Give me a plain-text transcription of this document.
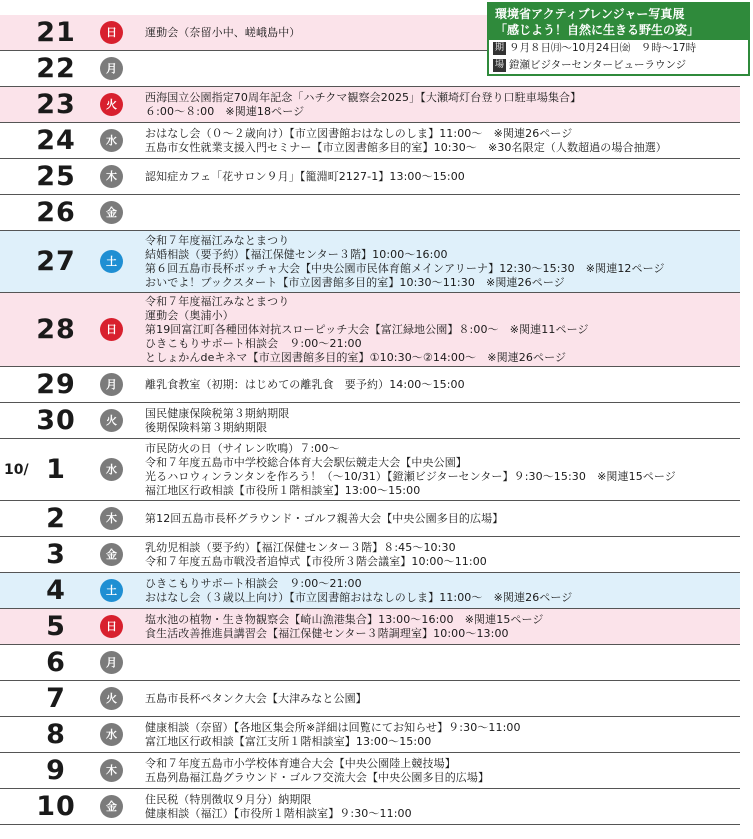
21	日	運動会（奈留小中、嵯峨島中）
22	月
23	火
西海国立公園指定70周年記念「ハチクマ観察会2025」【大瀬埼灯台登り口駐車場集合】
６:00〜８:00　※関連18ページ
24	水
おはなし会（０〜２歳向け）【市立図書館おはなしのしま】11:00〜　※関連26ページ
五島市女性就業支援入門セミナー【市立図書館多目的室】10:30〜　※30名限定（人数超過の場合抽選）
25	木	認知症カフェ「花サロン９月」【籠淵町2127-1】13:00〜15:00
26	金
27	土
令和７年度福江みなとまつり
結婚相談（要予約）【福江保健センター３階】10:00〜16:00
第６回五島市長杯ボッチャ大会【中央公園市民体育館メインアリーナ】12:30〜15:30　※関連12ページ
おいでよ！ブックスタート【市立図書館多目的室】10:30〜11:30　※関連26ページ
28	日
令和７年度福江みなとまつり
運動会（奥浦小）
第19回富江町各種団体対抗スローピッチ大会【富江緑地公園】８:00〜　※関連11ページ
ひきこもりサポート相談会　９:00〜21:00
としょかんdeキネマ【市立図書館多目的室】①10:30〜②14:00〜　※関連26ページ
29	月	離乳食教室（初期：はじめての離乳食　要予約）14:00〜15:00
30	火
国民健康保険税第３期納期限
後期保険料第３期納期限
10/ 1	水
市民防火の日（サイレン吹鳴）７:00〜
令和７年度五島市中学校総合体育大会駅伝競走大会【中央公園】
光るハロウィンランタンを作ろう！（〜10/31）【鐙瀬ビジターセンター】９:30〜15:30　※関連15ページ
福江地区行政相談【市役所１階相談室】13:00〜15:00
2	木	第12回五島市長杯グラウンド・ゴルフ親善大会【中央公園多目的広場】
3	金
乳幼児相談（要予約）【福江保健センター３階】８:45〜10:30
令和７年度五島市戦没者追悼式【市役所３階会議室】10:00〜11:00
4	土
ひきこもりサポート相談会　９:00〜21:00
おはなし会（３歳以上向け）【市立図書館おはなしのしま】11:00〜　※関連26ページ
5	日
塩水池の植物・生き物観察会【崎山漁港集合】13:00〜16:00　※関連15ページ
食生活改善推進員講習会【福江保健センター３階調理室】10:00〜13:00
6	月
7	火	五島市長杯ペタンク大会【大津みなと公園】
8	水
健康相談（奈留）【各地区集会所※詳細は回覧にてお知らせ】９:30〜11:00
富江地区行政相談【富江支所１階相談室】13:00〜15:00
9	木
令和７年度五島市小学校体育連合大会【中央公園陸上競技場】
五島列島福江島グラウンド・ゴルフ交流大会【中央公園多目的広場】
10	金
住民税（特別徴収９月分）納期限
健康相談（福江）【市役所１階相談室】９:30〜11:00
環境省アクティブレンジャー写真展
「感じよう！自然に生きる野生の姿」
期 ９月８日㈪〜10月24日㈮　９時〜17時
場 鐙瀬ビジターセンタービューラウンジ
